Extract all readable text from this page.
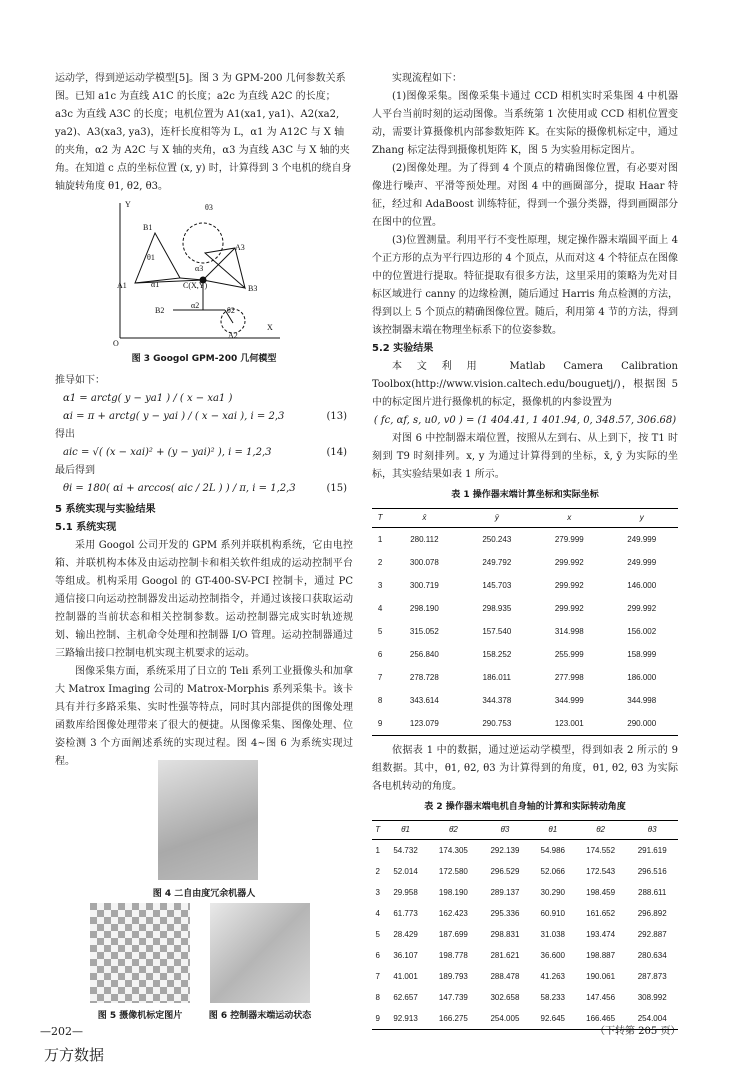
运动学，得到逆运动学模型[5]。图 3 为 GPM-200 几何参数关系图。已知 a1c 为直线 A1C 的长度；a2c 为直线 A2C 的长度；a3c 为直线 A3C 的长度；电机位置为 A1(xa1, ya1)、A2(xa2, ya2)、A3(xa3, ya3)，连杆长度相等为 L，α1 为 A12C 与 X 轴的夹角，α2 为 A2C 与 X 轴的夹角，α3 为直线 A3C 与 X 轴的夹角。在知道 c 点的坐标位置 (x, y) 时，计算得到 3 个电机的绕自身轴旋转角度 θ1, θ2, θ3。

Y
B1
θ3
A3
θ1
α3
C(X,Y)	B3
A1	α1
O
B2
α2
θ2
X
A2
图 3 Googol GPM-200 几何模型

推导如下：

α1 = arctg( y − ya1 ) / ( x − xa1 )
αi = π + arctg( y − yai ) / ( x − xai ), i = 2,3	(13)

得出

aic = √( (x − xai)² + (y − yai)² ), i = 1,2,3	(14)

最后得到

θi = 180( αi + arccos( aic / 2L ) ) / π, i = 1,2,3	(15)

5 系统实现与实验结果

5.1 系统实现

采用 Googol 公司开发的 GPM 系列并联机构系统，它由电控箱、并联机构本体及由运动控制卡和相关软件组成的运动控制平台等组成。机构采用 Googol 的 GT-400-SV-PCI 控制卡，通过 PC 通信接口向运动控制器发出运动控制指令，并通过该接口获取运动控制器的当前状态和相关控制参数。运动控制器完成实时轨迹规划、输出控制、主机命令处理和控制器 I/O 管理。运动控制器通过三路输出接口控制电机实现主机要求的运动。

图像采集方面，系统采用了日立的 Teli 系列工业摄像头和加拿大 Matrox Imaging 公司的 Matrox-Morphis 系列采集卡。该卡具有并行多路采集、实时性强等特点，同时其内部提供的图像处理函数库给图像处理带来了很大的便捷。从图像采集、图像处理、位姿检测 3 个方面阐述系统的实现过程。图 4~图 6 为系统实现过程。

图 4 二自由度冗余机器人
图 5 摄像机标定图片	图 6 控制器末端运动状态

实现流程如下：

(1)图像采集。图像采集卡通过 CCD 相机实时采集图 4 中机器人平台当前时刻的运动图像。当系统第 1 次使用或 CCD 相机位置变动，需要计算摄像机内部参数矩阵 K。在实际的摄像机标定中，通过 Zhang 标定法得到摄像机矩阵 K，图 5 为实验用标定图片。

(2)图像处理。为了得到 4 个顶点的精确图像位置，有必要对图像进行噪声、平滑等预处理。对图 4 中的画圈部分，提取 Haar 特征，经过和 AdaBoost 训练特征，得到一个强分类器，得到画圈部分在图中的位置。

(3)位置测量。利用平行不变性原理，规定操作器末端圆平面上 4 个正方形的点为平行四边形的 4 个顶点，从而对这 4 个特征点在图像中的位置进行提取。特征提取有很多方法，这里采用的策略为先对目标区域进行 canny 的边缘检测，随后通过 Harris 角点检测的方法，得到以上 5 个顶点的精确图像位置。随后，利用第 4 节的方法，得到该控制器末端在物理坐标系下的位姿参数。

5.2 实验结果

本文利用 Matlab Camera Calibration Toolbox(http://www.vision.caltech.edu/bouguetj/)，根据图 5 中的标定图片进行摄像机的标定，摄像机的内参设置为

( fc, αf, s, u0, v0 ) = (1 404.41, 1 401.94, 0, 348.57, 306.68)

对图 6 中控制器末端位置，按照从左到右、从上到下，按 T1 时刻到 T9 时刻排列。x, y 为通过计算得到的坐标，x̄, ȳ 为实际的坐标，其实验结果如表 1 所示。

表 1 操作器末端计算坐标和实际坐标
T	x̄	ȳ	x	y
1	280.112	250.243	279.999	249.999
2	300.078	249.792	299.992	249.999
3	300.719	145.703	299.992	146.000
4	298.190	298.935	299.992	299.992
5	315.052	157.540	314.998	156.002
6	256.840	158.252	255.999	158.999
7	278.728	186.011	277.998	186.000
8	343.614	344.378	344.999	344.998
9	123.079	290.753	123.001	290.000

依据表 1 中的数据，通过逆运动学模型，得到如表 2 所示的 9 组数据。其中，θ1, θ2, θ3 为计算得到的角度，θ1, θ2, θ3 为实际各电机转动的角度。

表 2 操作器末端电机自身轴的计算和实际转动角度
T	θ̄1	θ̄2	θ̄3	θ1	θ2	θ3
1	54.732	174.305	292.139	54.986	174.552	291.619
2	52.014	172.580	296.529	52.066	172.543	296.516
3	29.958	198.190	289.137	30.290	198.459	288.611
4	61.773	162.423	295.336	60.910	161.652	296.892
5	28.429	187.699	298.831	31.038	193.474	292.887
6	36.107	198.778	281.621	36.600	198.887	280.634
7	41.001	189.793	288.478	41.263	190.061	287.873
8	62.657	147.739	302.658	58.233	147.456	308.992
9	92.913	166.275	254.005	92.645	166.465	254.004
（下转第 205 页）
—202—
万方数据
